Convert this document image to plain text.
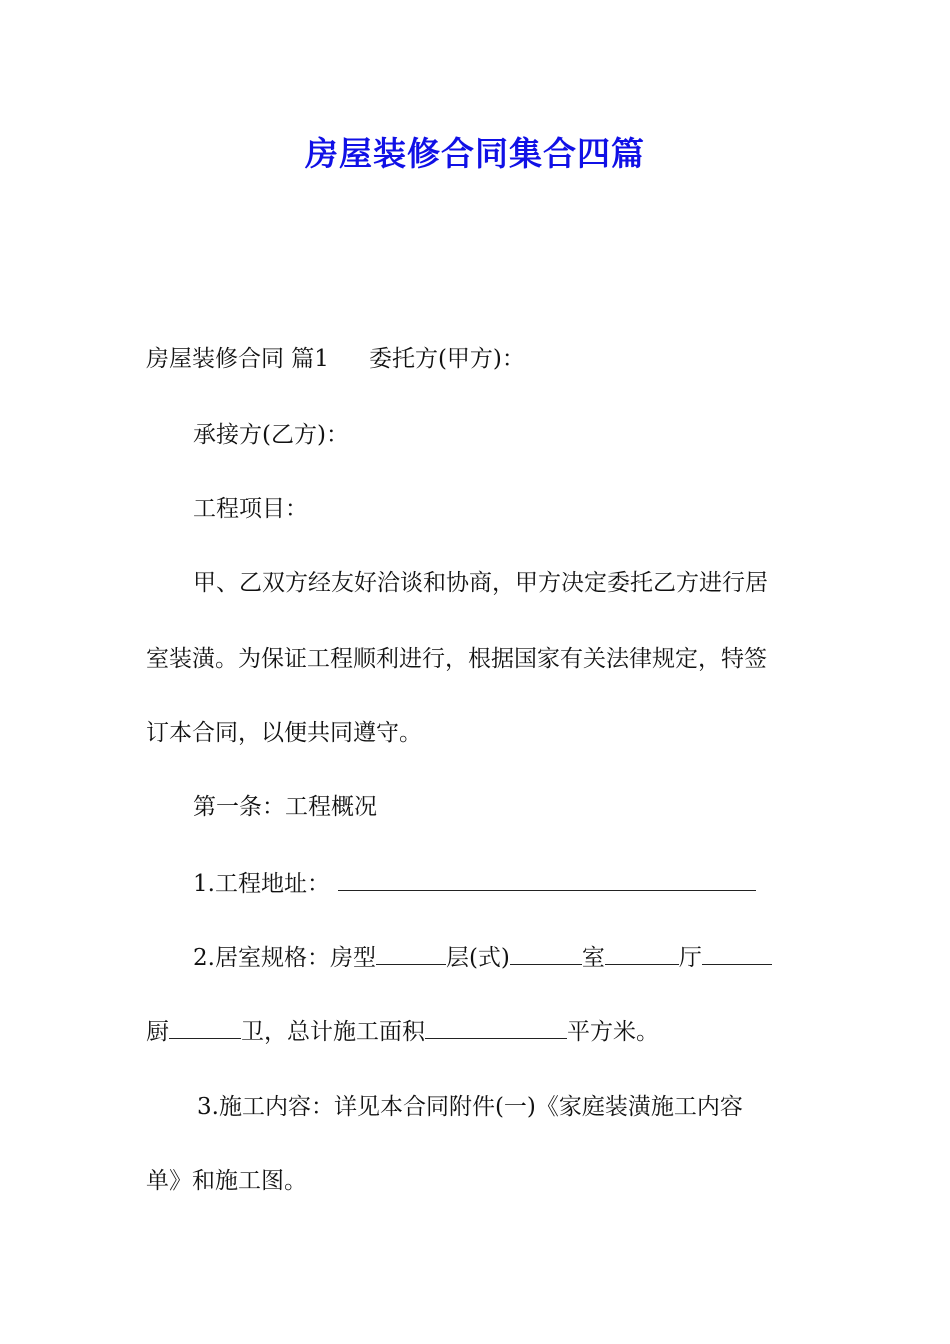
房屋装修合同集合四篇
房屋装修合同 篇1 委托方(甲方)：
承接方(乙方)：
工程项目：
甲、乙双方经友好洽谈和协商，甲方决定委托乙方进行居
室装潢。为保证工程顺利进行，根据国家有关法律规定，特签
订本合同，以便共同遵守。
第一条：工程概况
1.工程地址：
2.居室规格：房型	层(式)	室	厅
厨	卫，总计施工面积	平方米。
3.施工内容：详见本合同附件(一)《家庭装潢施工内容
单》和施工图。
